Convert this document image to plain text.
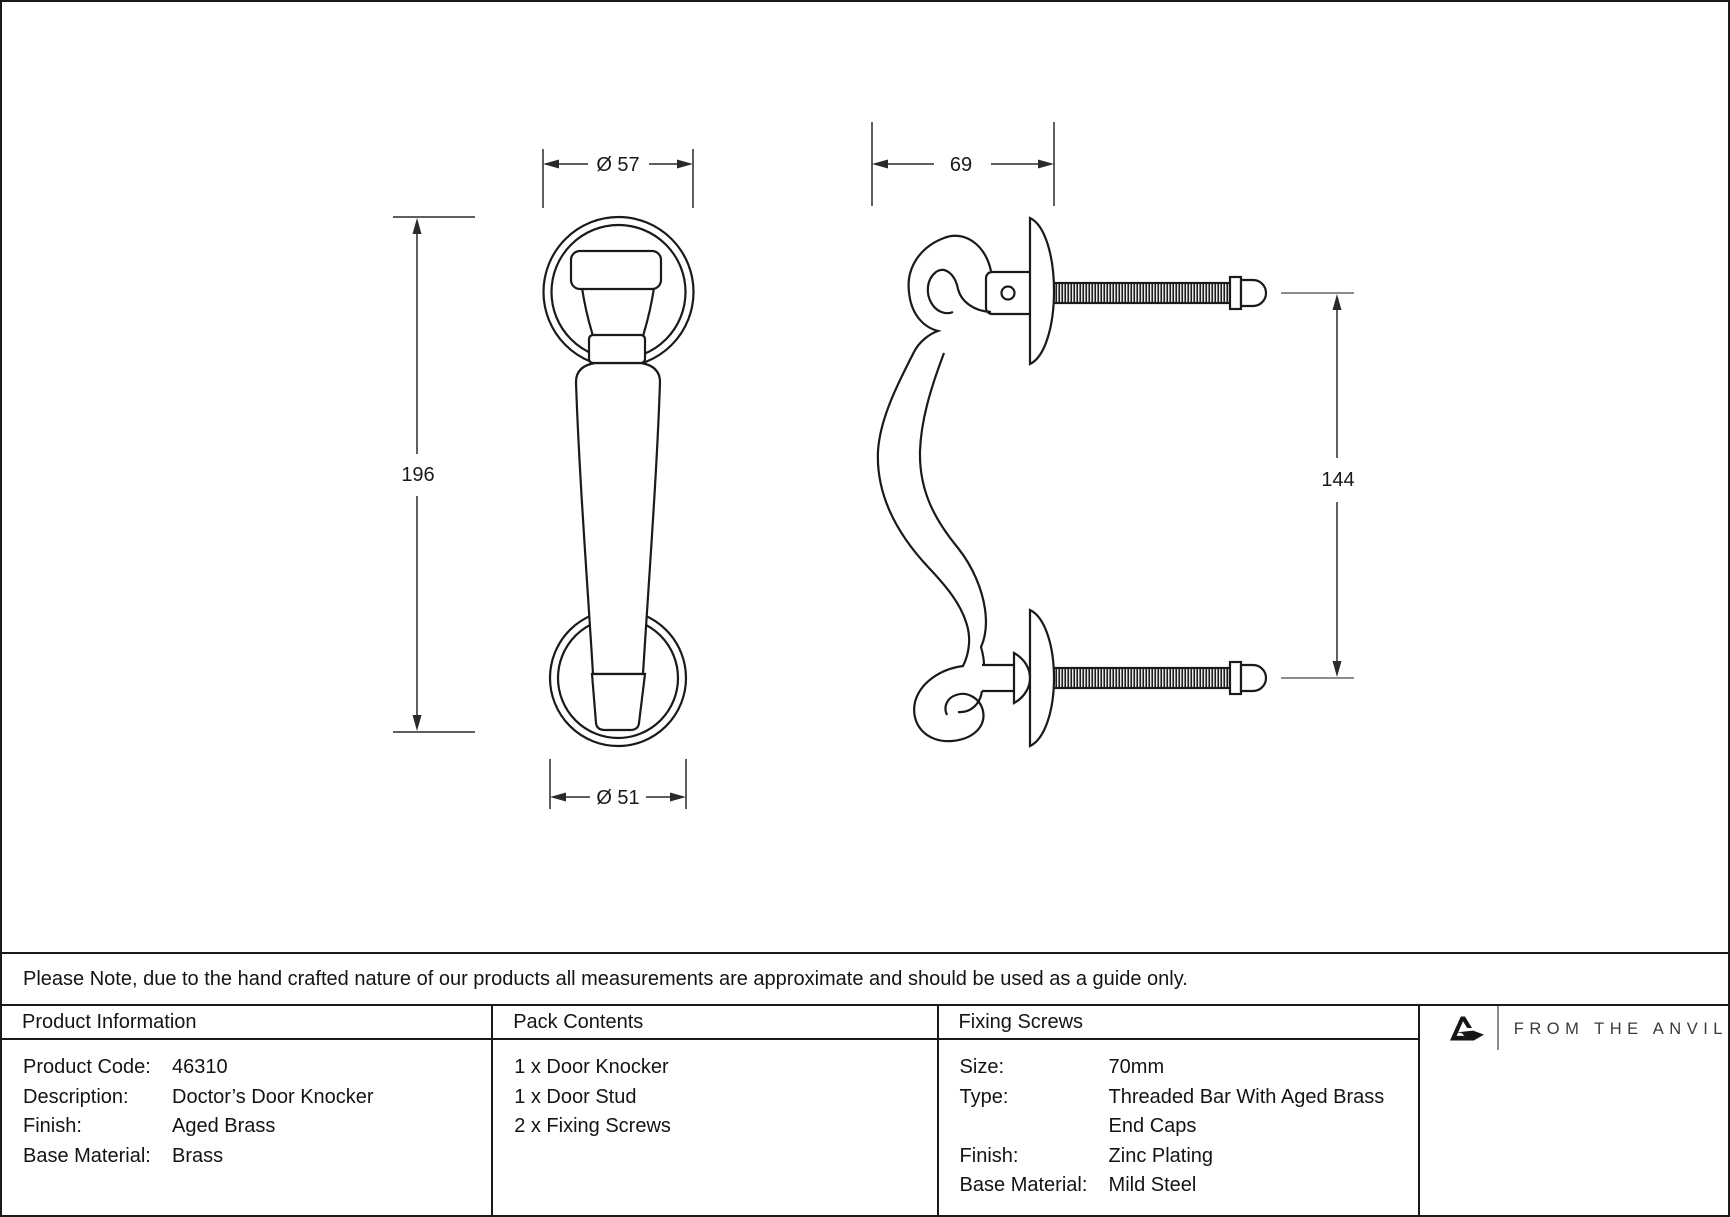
Ø 57
196
Ø 51
69
144
Please Note, due to the hand crafted nature of our products all measurements are approximate and should be used as a guide only.
Product Information
Product Code:	46310
Description:	Doctor’s Door Knocker
Finish:	Aged Brass
Base Material:	Brass
Pack Contents
1 x Door Knocker
1 x Door Stud
2 x Fixing Screws
Fixing Screws
Size:	70mm
Type:	Threaded Bar With Aged Brass End Caps
Finish:	Zinc Plating
Base Material:	Mild Steel
FROM THE ANVIL
